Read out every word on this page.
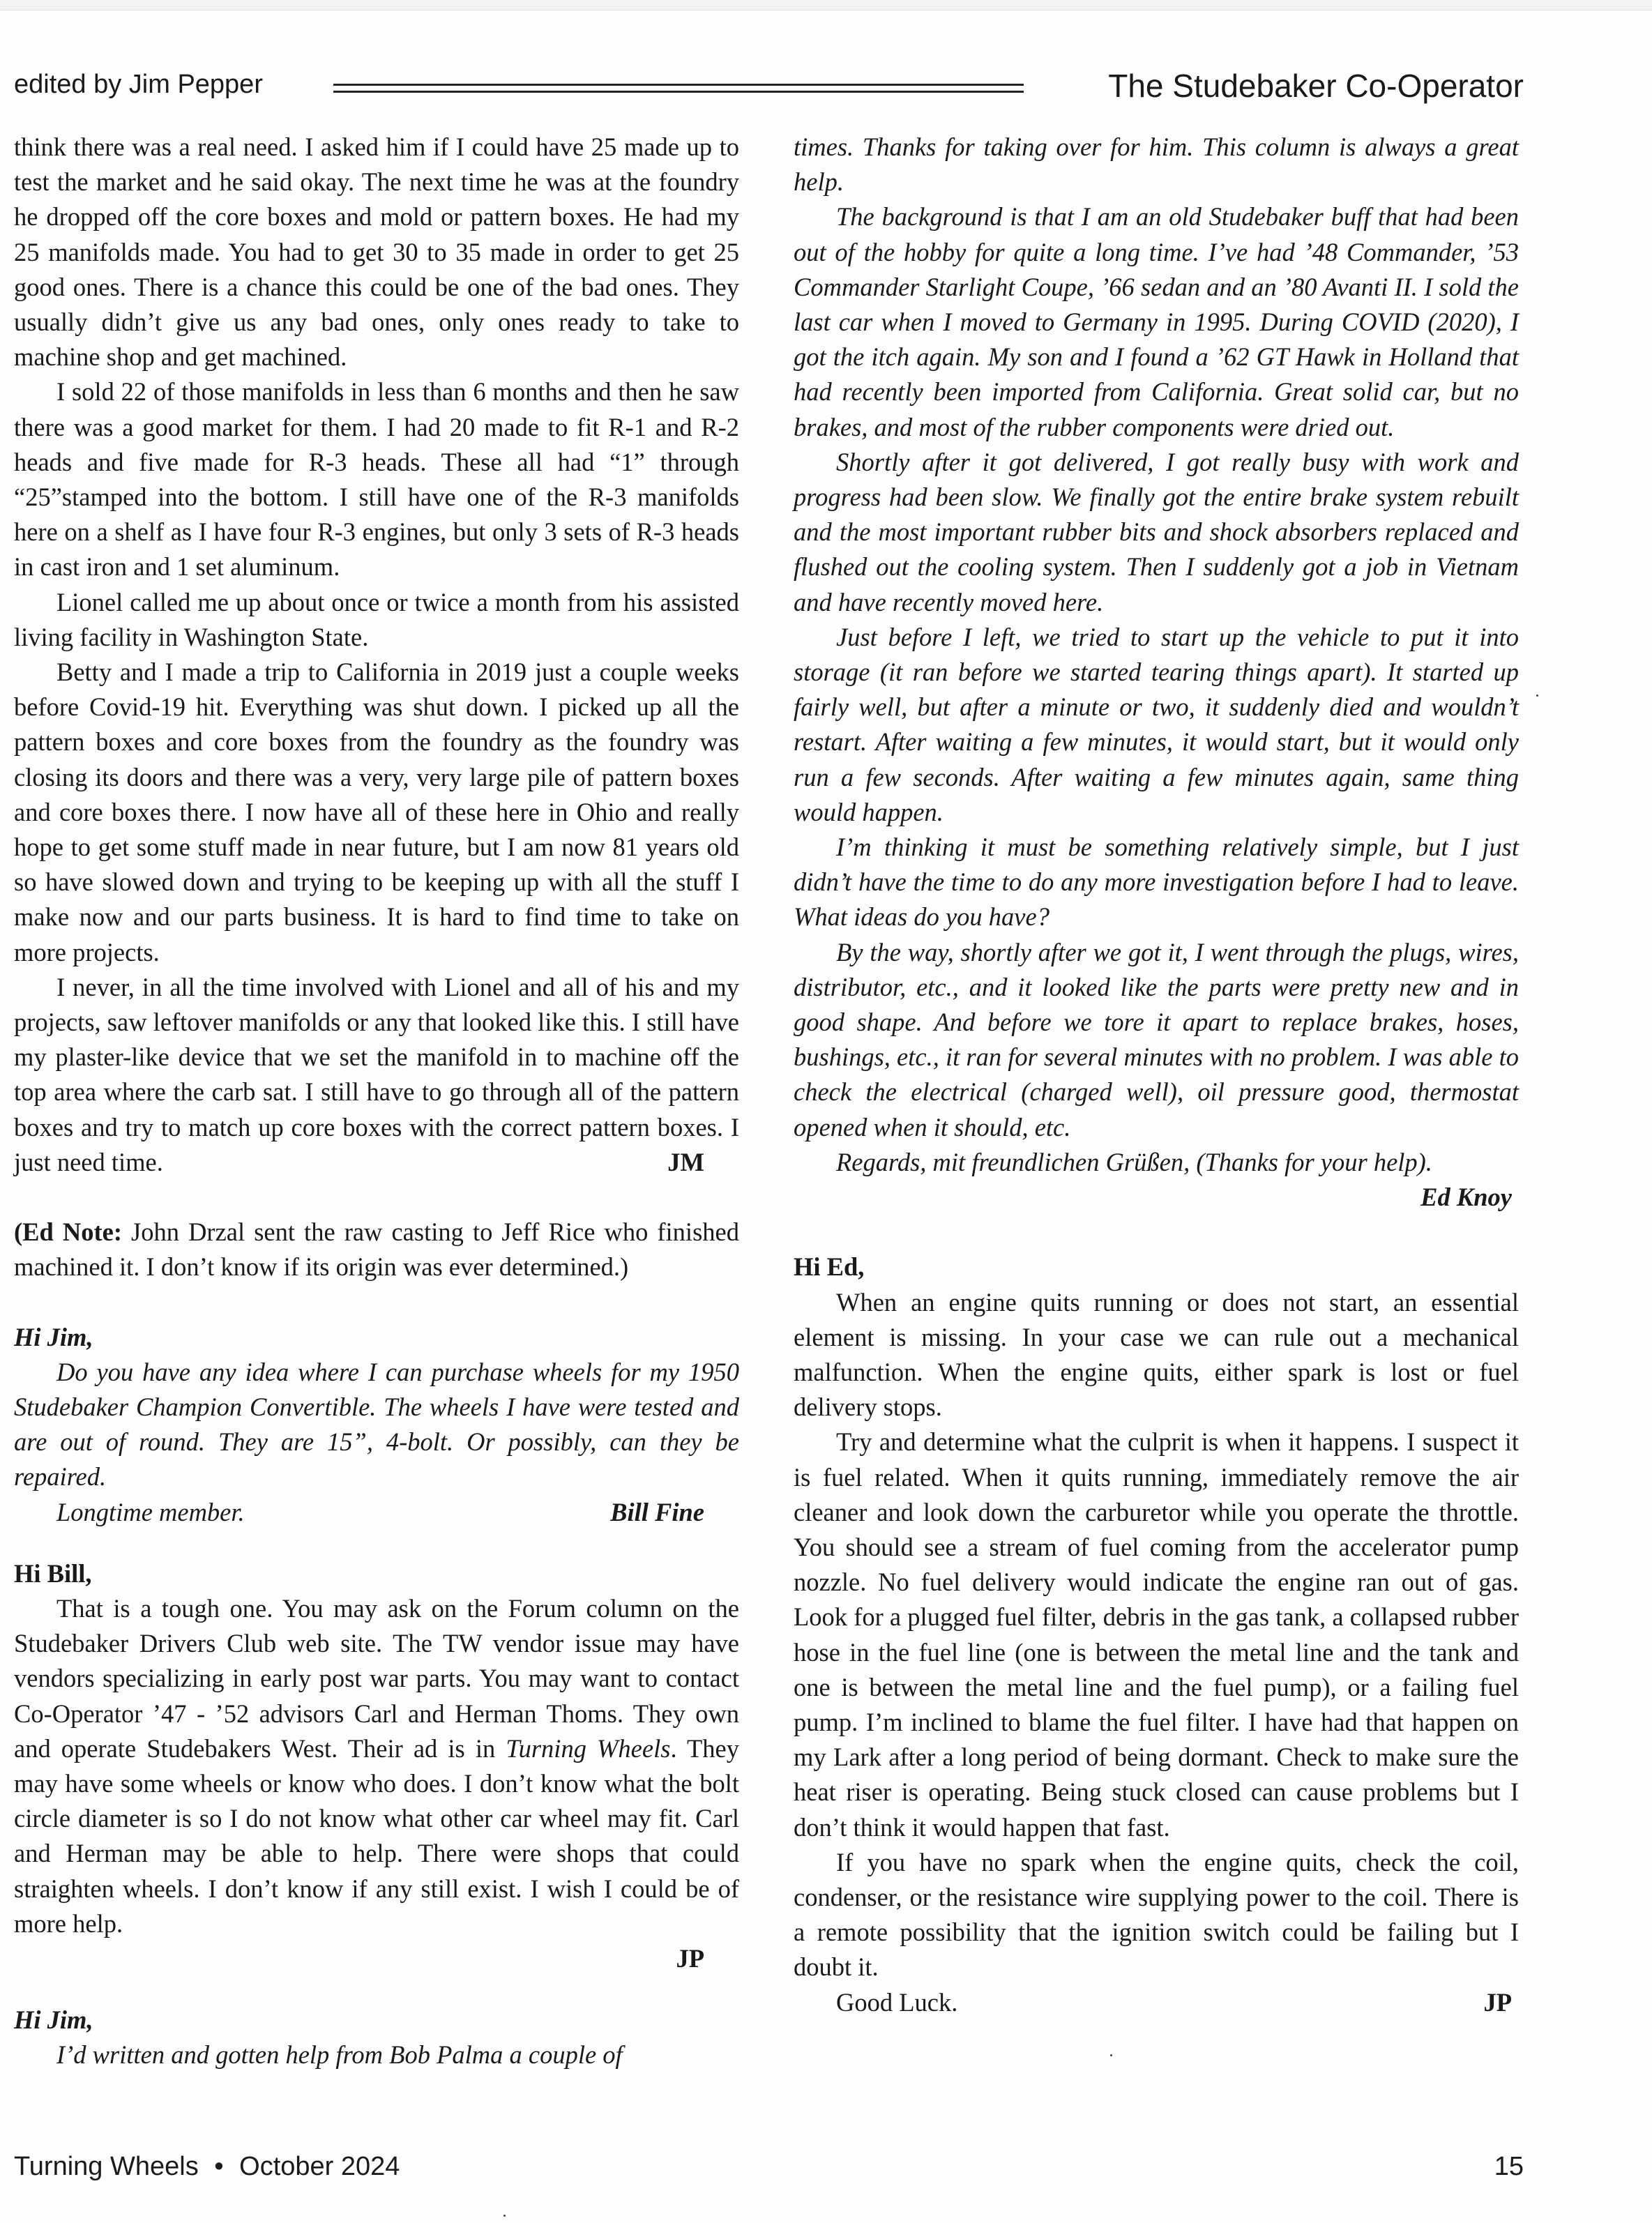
edited by Jim Pepper	The Studebaker Co-Operator

think there was a real need. I asked him if I could have 25 made up to test the market and he said okay. The next time he was at the foundry he dropped off the core boxes and mold or pattern boxes. He had my 25 manifolds made. You had to get 30 to 35 made in order to get 25 good ones. There is a chance this could be one of the bad ones. They usually didn’t give us any bad ones, only ones ready to take to machine shop and get machined.

I sold 22 of those manifolds in less than 6 months and then he saw there was a good market for them. I had 20 made to fit R-1 and R-2 heads and five made for R-3 heads. These all had “1” through “25”stamped into the bottom. I still have one of the R-3 manifolds here on a shelf as I have four R-3 engines, but only 3 sets of R-3 heads in cast iron and 1 set aluminum.

Lionel called me up about once or twice a month from his assisted living facility in Washington State.

Betty and I made a trip to California in 2019 just a couple weeks before Covid-19 hit. Everything was shut down. I picked up all the pattern boxes and core boxes from the foundry as the foundry was closing its doors and there was a very, very large pile of pattern boxes and core boxes there. I now have all of these here in Ohio and really hope to get some stuff made in near future, but I am now 81 years old so have slowed down and trying to be keeping up with all the stuff I make now and our parts business. It is hard to find time to take on more projects.

I never, in all the time involved with Lionel and all of his and my projects, saw leftover manifolds or any that looked like this. I still have my plaster-like device that we set the manifold in to machine off the top area where the carb sat. I still have to go through all of the pattern boxes and try to match up core boxes with the correct pattern boxes. I just need time.	JM

(Ed Note: John Drzal sent the raw casting to Jeff Rice who finished machined it. I don’t know if its origin was ever determined.)

Hi Jim,

Do you have any idea where I can purchase wheels for my 1950 Studebaker Champion Convertible. The wheels I have were tested and are out of round. They are 15”, 4-bolt. Or possibly, can they be repaired.

Longtime member.	Bill Fine

Hi Bill,

That is a tough one. You may ask on the Forum column on the Studebaker Drivers Club web site. The TW vendor issue may have vendors specializing in early post war parts. You may want to contact Co-Operator ’47 - ’52 advisors Carl and Herman Thoms. They own and operate Studebakers West. Their ad is in Turning Wheels. They may have some wheels or know who does. I don’t know what the bolt circle diameter is so I do not know what other car wheel may fit. Carl and Herman may be able to help. There were shops that could straighten wheels. I don’t know if any still exist. I wish I could be of more help.

JP

Hi Jim,

I’d written and gotten help from Bob Palma a couple of

times. Thanks for taking over for him. This column is always a great help.

The background is that I am an old Studebaker buff that had been out of the hobby for quite a long time. I’ve had ’48 Commander, ’53 Commander Starlight Coupe, ’66 sedan and an ’80 Avanti II. I sold the last car when I moved to Germany in 1995. During COVID (2020), I got the itch again. My son and I found a ’62 GT Hawk in Holland that had recently been imported from California. Great solid car, but no brakes, and most of the rubber components were dried out.

Shortly after it got delivered, I got really busy with work and progress had been slow. We finally got the entire brake system rebuilt and the most important rubber bits and shock absorbers replaced and flushed out the cooling system. Then I suddenly got a job in Vietnam and have recently moved here.

Just before I left, we tried to start up the vehicle to put it into storage (it ran before we started tearing things apart). It started up fairly well, but after a minute or two, it suddenly died and wouldn’t restart. After waiting a few minutes, it would start, but it would only run a few seconds. After waiting a few minutes again, same thing would happen.

I’m thinking it must be something relatively simple, but I just didn’t have the time to do any more investigation before I had to leave. What ideas do you have?

By the way, shortly after we got it, I went through the plugs, wires, distributor, etc., and it looked like the parts were pretty new and in good shape. And before we tore it apart to replace brakes, hoses, bushings, etc., it ran for several minutes with no problem. I was able to check the electrical (charged well), oil pressure good, thermostat opened when it should, etc.

Regards, mit freundlichen Grüßen, (Thanks for your help).

Ed Knoy

Hi Ed,

When an engine quits running or does not start, an essential element is missing. In your case we can rule out a mechanical malfunction. When the engine quits, either spark is lost or fuel delivery stops.

Try and determine what the culprit is when it happens. I suspect it is fuel related. When it quits running, immediately remove the air cleaner and look down the carburetor while you operate the throttle. You should see a stream of fuel coming from the accelerator pump nozzle. No fuel delivery would indicate the engine ran out of gas. Look for a plugged fuel filter, debris in the gas tank, a collapsed rubber hose in the fuel line (one is between the metal line and the tank and one is between the metal line and the fuel pump), or a failing fuel pump. I’m inclined to blame the fuel filter. I have had that happen on my Lark after a long period of being dormant. Check to make sure the heat riser is operating. Being stuck closed can cause problems but I don’t think it would happen that fast.

If you have no spark when the engine quits, check the coil, condenser, or the resistance wire supplying power to the coil. There is a remote possibility that the ignition switch could be failing but I doubt it.

Good Luck.	JP
Turning Wheels • October 2024	15
